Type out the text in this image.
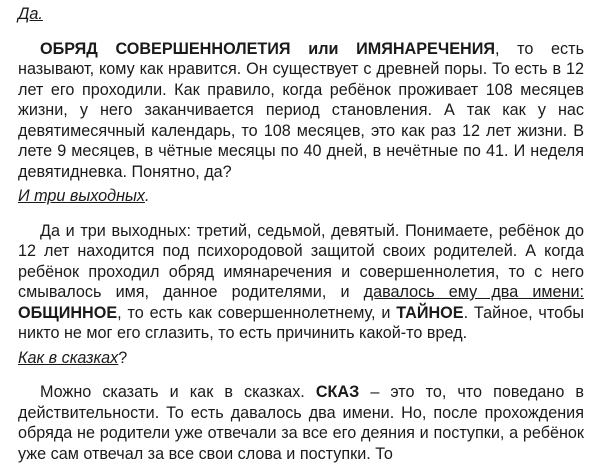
Да.

ОБРЯД СОВЕРШЕННОЛЕТИЯ или ИМЯНАРЕЧЕНИЯ, то есть называют, кому как нравится. Он существует с древней поры. То есть в 12 лет его проходили. Как правило, когда ребёнок проживает 108 месяцев жизни, у него заканчивается период становления. А так как у нас девятимесячный календарь, то 108 месяцев, это как раз 12 лет жизни. В лете 9 месяцев, в чётные месяцы по 40 дней, в нечётные по 41. И неделя девятидневка. Понятно, да?

И три выходных.

Да и три выходных: третий, седьмой, девятый. Понимаете, ребёнок до 12 лет находится под психородовой защитой своих родителей. А когда ребёнок проходил обряд имянаречения и совершеннолетия, то с него смывалось имя, данное родителями, и давалось ему два имени: ОБЩИННОЕ, то есть как совершеннолетнему, и ТАЙНОЕ. Тайное, чтобы никто не мог его сглазить, то есть причинить какой-то вред.

Как в сказках?

Можно сказать и как в сказках. СКАЗ – это то, что поведано в действительности. То есть давалось два имени. Но, после прохождения обряда не родители уже отвечали за все его деяния и поступки, а ребёнок уже сам отвечал за все свои слова и поступки. То
